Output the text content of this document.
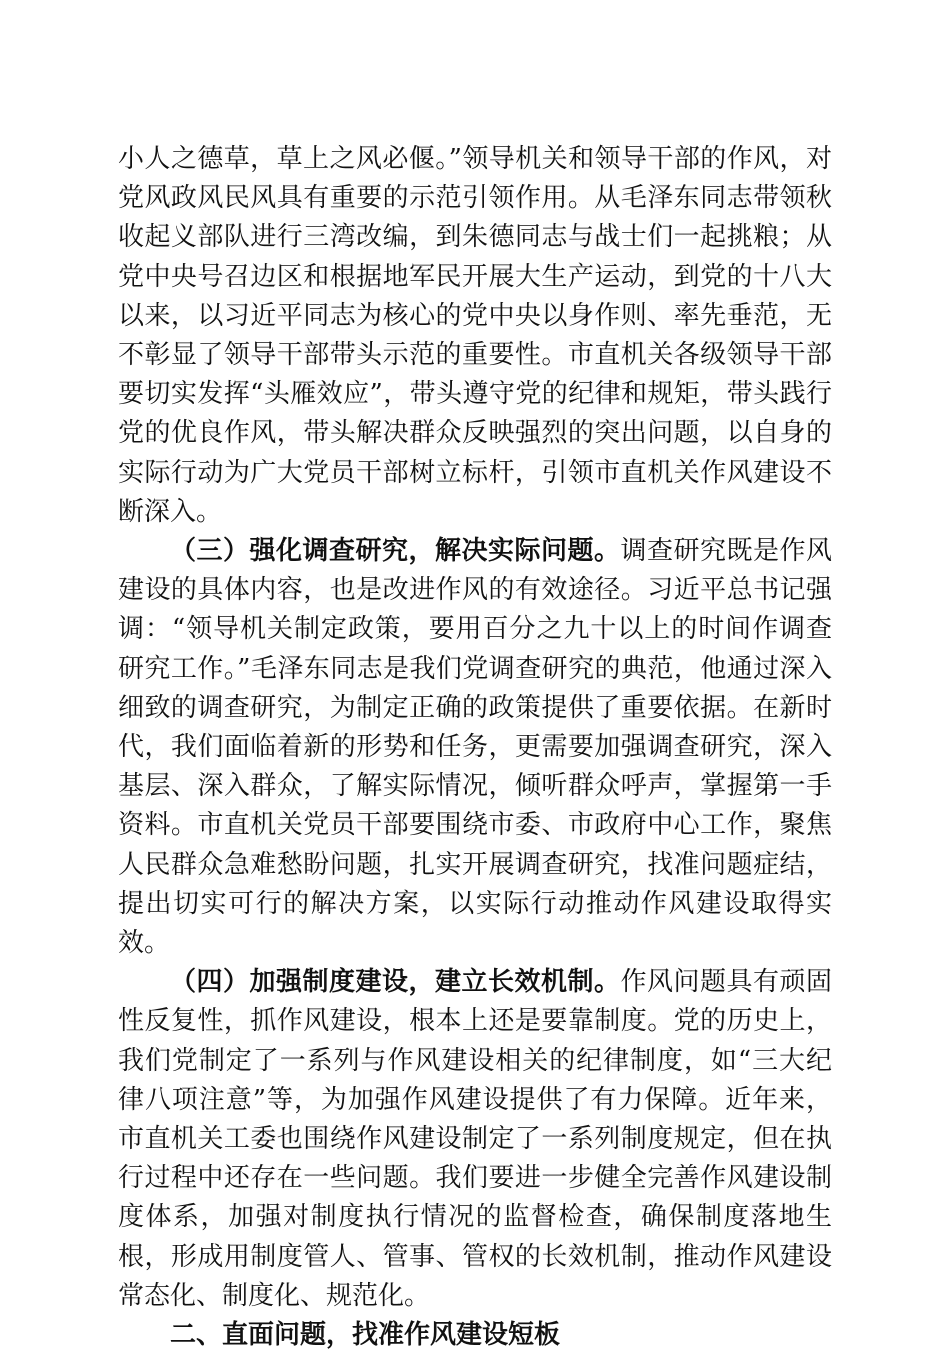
小人之德草，草上之风必偃。”领导机关和领导干部的作风，对党风政风民风具有重要的示范引领作用。从毛泽东同志带领秋收起义部队进行三湾改编，到朱德同志与战士们一起挑粮；从党中央号召边区和根据地军民开展大生产运动，到党的十八大以来，以习近平同志为核心的党中央以身作则、率先垂范，无不彰显了领导干部带头示范的重要性。市直机关各级领导干部要切实发挥“头雁效应”，带头遵守党的纪律和规矩，带头践行党的优良作风，带头解决群众反映强烈的突出问题，以自身的实际行动为广大党员干部树立标杆，引领市直机关作风建设不断深入。

（三）强化调查研究，解决实际问题。调查研究既是作风建设的具体内容，也是改进作风的有效途径。习近平总书记强调：“领导机关制定政策，要用百分之九十以上的时间作调查研究工作。”毛泽东同志是我们党调查研究的典范，他通过深入细致的调查研究，为制定正确的政策提供了重要依据。在新时代，我们面临着新的形势和任务，更需要加强调查研究，深入基层、深入群众，了解实际情况，倾听群众呼声，掌握第一手资料。市直机关党员干部要围绕市委、市政府中心工作，聚焦人民群众急难愁盼问题，扎实开展调查研究，找准问题症结，提出切实可行的解决方案，以实际行动推动作风建设取得实效。

（四）加强制度建设，建立长效机制。作风问题具有顽固性反复性，抓作风建设，根本上还是要靠制度。党的历史上，我们党制定了一系列与作风建设相关的纪律制度，如“三大纪律八项注意”等，为加强作风建设提供了有力保障。近年来，市直机关工委也围绕作风建设制定了一系列制度规定，但在执行过程中还存在一些问题。我们要进一步健全完善作风建设制度体系，加强对制度执行情况的监督检查，确保制度落地生根，形成用制度管人、管事、管权的长效机制，推动作风建设常态化、制度化、规范化。

二、直面问题，找准作风建设短板
